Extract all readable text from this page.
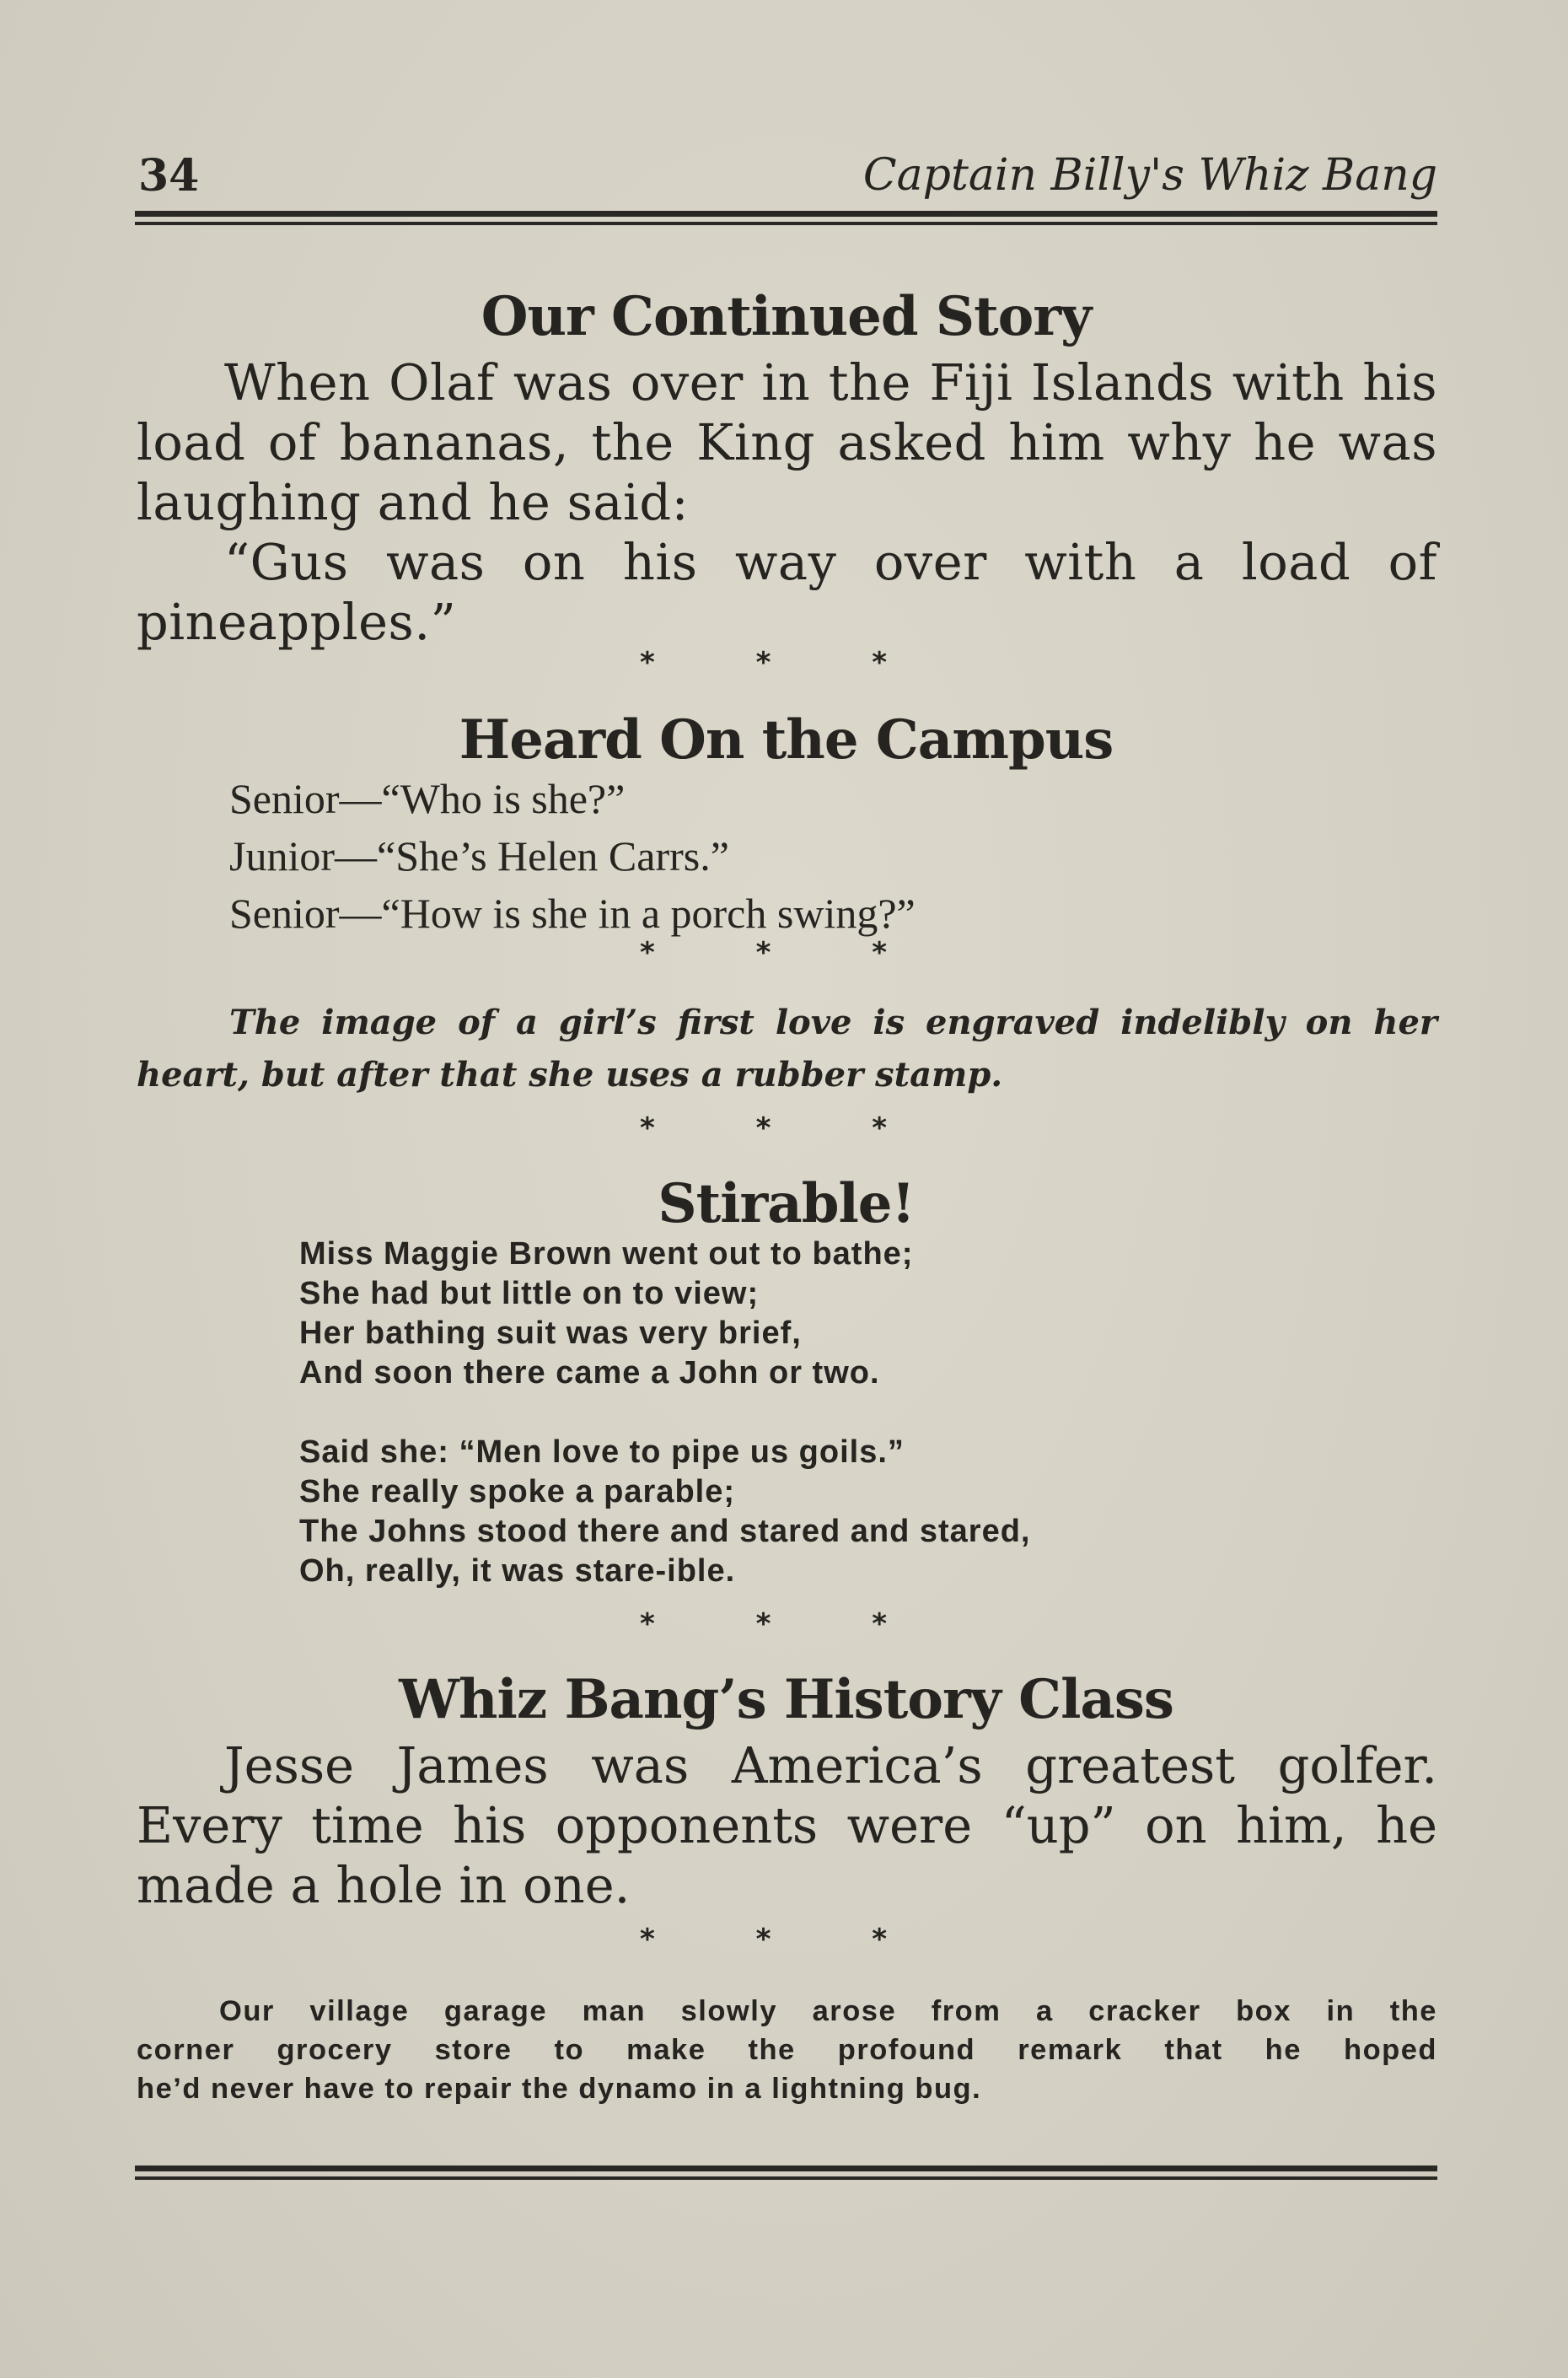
34	Captain Billy's Whiz Bang
Our Continued Story

When Olaf was over in the Fiji Islands with his load of bananas, the King asked him why he was laughing and he said:

“Gus was on his way over with a load of pineapples.”

* * *
Heard On the Campus
Senior—“Who is she?”
Junior—“She’s Helen Carrs.”
Senior—“How is she in a porch swing?”
* * *
The image of a girl’s first love is engraved indelibly on her heart, but after that she uses a rubber stamp.
* * *
Stirable!
Miss Maggie Brown went out to bathe;
She had but little on to view;
Her bathing suit was very brief,
And soon there came a John or two.
Said she: “Men love to pipe us goils.”
She really spoke a parable;
The Johns stood there and stared and stared,
Oh, really, it was stare-ible.
* * *
Whiz Bang’s History Class

Jesse James was America’s greatest golfer. Every time his opponents were “up” on him, he made a hole in one.

* * *
Our village garage man slowly arose from a cracker box in the
corner grocery store to make the profound remark that he hoped
he’d never have to repair the dynamo in a lightning bug.
